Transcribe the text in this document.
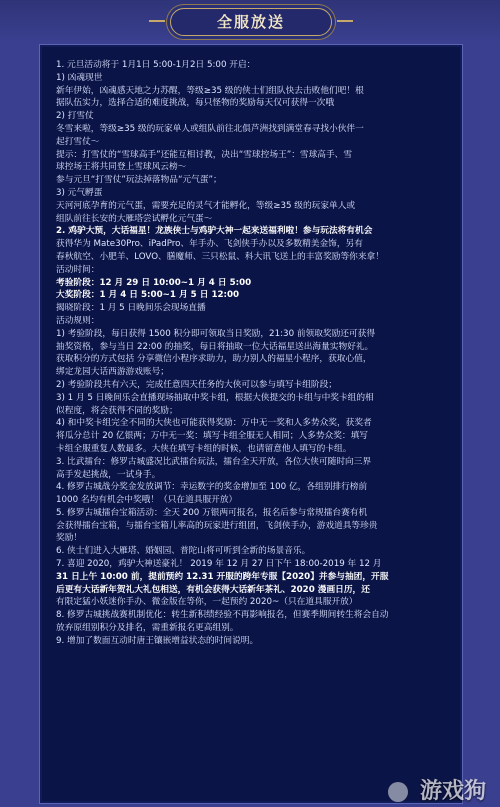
全服放送

1. 元旦活动将于 1月1日 5:00-1月2日 5:00 开启：

1) 凶魂现世

新年伊始，凶魂感天地之力苏醒，等级≥35 级的侠士们组队快去击败他们吧！根

据队伍实力，选择合适的难度挑战，每只怪物的奖励每天仅可获得一次哦

2) 打雪仗

冬雪来啦，等级≥35 级的玩家单人或组队前往北俱芦洲找到满堂春寻找小伙伴一

起打雪仗～

提示：打雪仗的“雪球高手”还能互相讨教，决出“雪球控场王”：雪球高手、雪

球控场王将共同登上雪球风云榜～

参与元旦“打雪仗”玩法掉落物品“元气蛋”；

3) 元气孵蛋

天河河底孕育的元气蛋，需要充足的灵气才能孵化，等级≥35 级的玩家单人或

组队前往长安的大雁塔尝试孵化元气蛋～

2. 鸡驴大预，大话福星！龙族侠士与鸡驴大神一起来送福利啦！参与玩法将有机会

获得华为 Mate30Pro、iPadPro、年手办、飞剑侠手办以及多数精美金饰，另有

春秋航空、小肥羊、LOVO、膳魔师、三只松鼠、科大讯飞送上的丰富奖励等你来拿！

活动时间：

考验阶段：12 月 29 日 10:00~1 月 4 日 5:00

大奖阶段：1 月 4 日 5:00~1 月 5 日 12:00

揭晓阶段：1 月 5 日晚间乐会现场直播

活动规则：

1) 考验阶段，每日获得 1500 积分即可领取当日奖励，21:30 前领取奖励还可获得

抽奖资格，参与当日 22:00 的抽奖，每日将抽取一位大话福星送出海量实物好礼。

获取积分的方式包括 分享微信小程序求助力，助力别人的福星小程序，获取心值，

绑定龙园大话西游游戏账号；

2) 考验阶段共有六天，完成任意四天任务的大侠可以参与填写卡组阶段；

3) 1 月 5 日晚间乐会直播现场抽取中奖卡组，根据大侠提交的卡组与中奖卡组的相

似程度，将会获得不同的奖励；

4) 和中奖卡组完全不同的大侠也可能获得奖励：万中无一奖和人多势众奖，获奖者

将瓜分总计 20 亿银两；万中无一奖：填写卡组全服无人相同；人多势众奖：填写

卡组全服重复人数最多。大侠在填写卡组的时候，也请留意他人填写的卡组。

3. 比武擂台：修罗古城盛况比武擂台玩法，擂台全天开放，各位大侠可随时向三界

高手发起挑战，一试身手。

4. 修罗古城战分奖金发放调节：幸运数字的奖金增加至 100 亿，各组别排行榜前

1000 名均有机会中奖哦！（只在道具服开放）

5. 修罗古城擂台宝箱活动：全天 200 万银两可报名，报名后参与常规擂台赛有机

会获得擂台宝箱，与擂台宝箱儿率高的玩家进行组团，飞剑侠手办，游戏道具等珍贵

奖励！

6. 侠士们进入大雁塔、婚姻园、普陀山将可听到全新的场景音乐。

7. 喜迎 2020，鸡驴大神送豪礼！ 2019 年 12 月 27 日下午 18:00-2019 年 12 月

31 日上午 10:00 前，提前预约 12.31 开服的跨年专服【2020】并参与抽团，开服

后更有大话新年贺礼大礼包相送，有机会获得大话新年茶礼、2020 漫画日历，还

有限定猛小妖迷你手办、微金版在等你，一起预约 2020~（只在道具服开放）

8. 修罗古城挑战赛机制优化：转生新积绩经验不再影响报名，但赛季期间转生将会自动

放弃原组别积分及排名，需重新报名更高组别。

9. 增加了数面互动时唐王镶嵌增益状态的时间说明。

游戏狗
